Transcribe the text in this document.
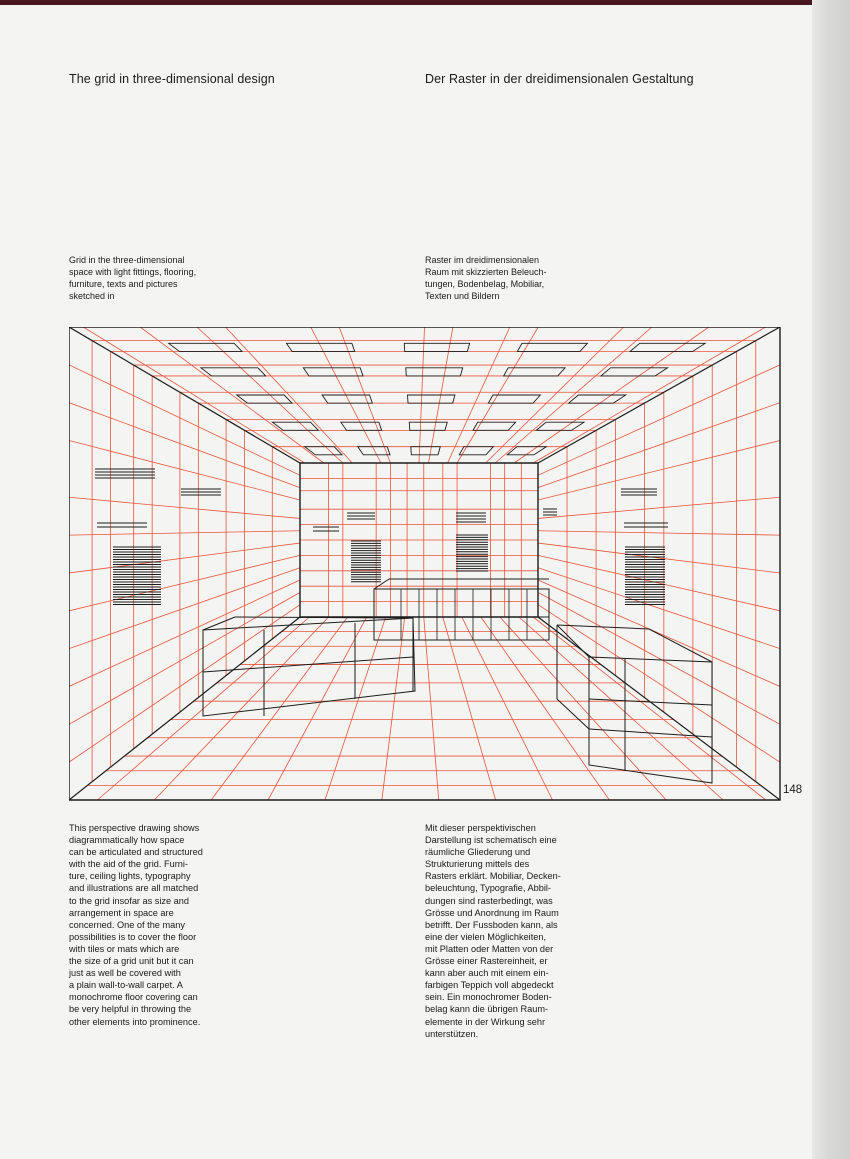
The grid in three-dimensional design	Der Raster in der dreidimensionalen Gestaltung
Grid in the three-dimensional
space with light fittings, flooring,
furniture, texts and pictures
sketched in
Raster im dreidimensionalen
Raum mit skizzierten Beleuch-
tungen, Bodenbelag, Mobiliar,
Texten und Bildern
148
This perspective drawing shows
diagrammatically how space
can be articulated and structured
with the aid of the grid. Furni-
ture, ceiling lights, typography
and illustrations are all matched
to the grid insofar as size and
arrangement in space are
concerned. One of the many
possibilities is to cover the floor
with tiles or mats which are
the size of a grid unit but it can
just as well be covered with
a plain wall-to-wall carpet. A
monochrome floor covering can
be very helpful in throwing the
other elements into prominence.
Mit dieser perspektivischen
Darstellung ist schematisch eine
räumliche Gliederung und
Strukturierung mittels des
Rasters erklärt. Mobiliar, Decken-
beleuchtung, Typografie, Abbil-
dungen sind rasterbedingt, was
Grösse und Anordnung im Raum
betrifft. Der Fussboden kann, als
eine der vielen Möglichkeiten,
mit Platten oder Matten von der
Grösse einer Rastereinheit, er
kann aber auch mit einem ein-
farbigen Teppich voll abgedeckt
sein. Ein monochromer Boden-
belag kann die übrigen Raum-
elemente in der Wirkung sehr
unterstützen.
